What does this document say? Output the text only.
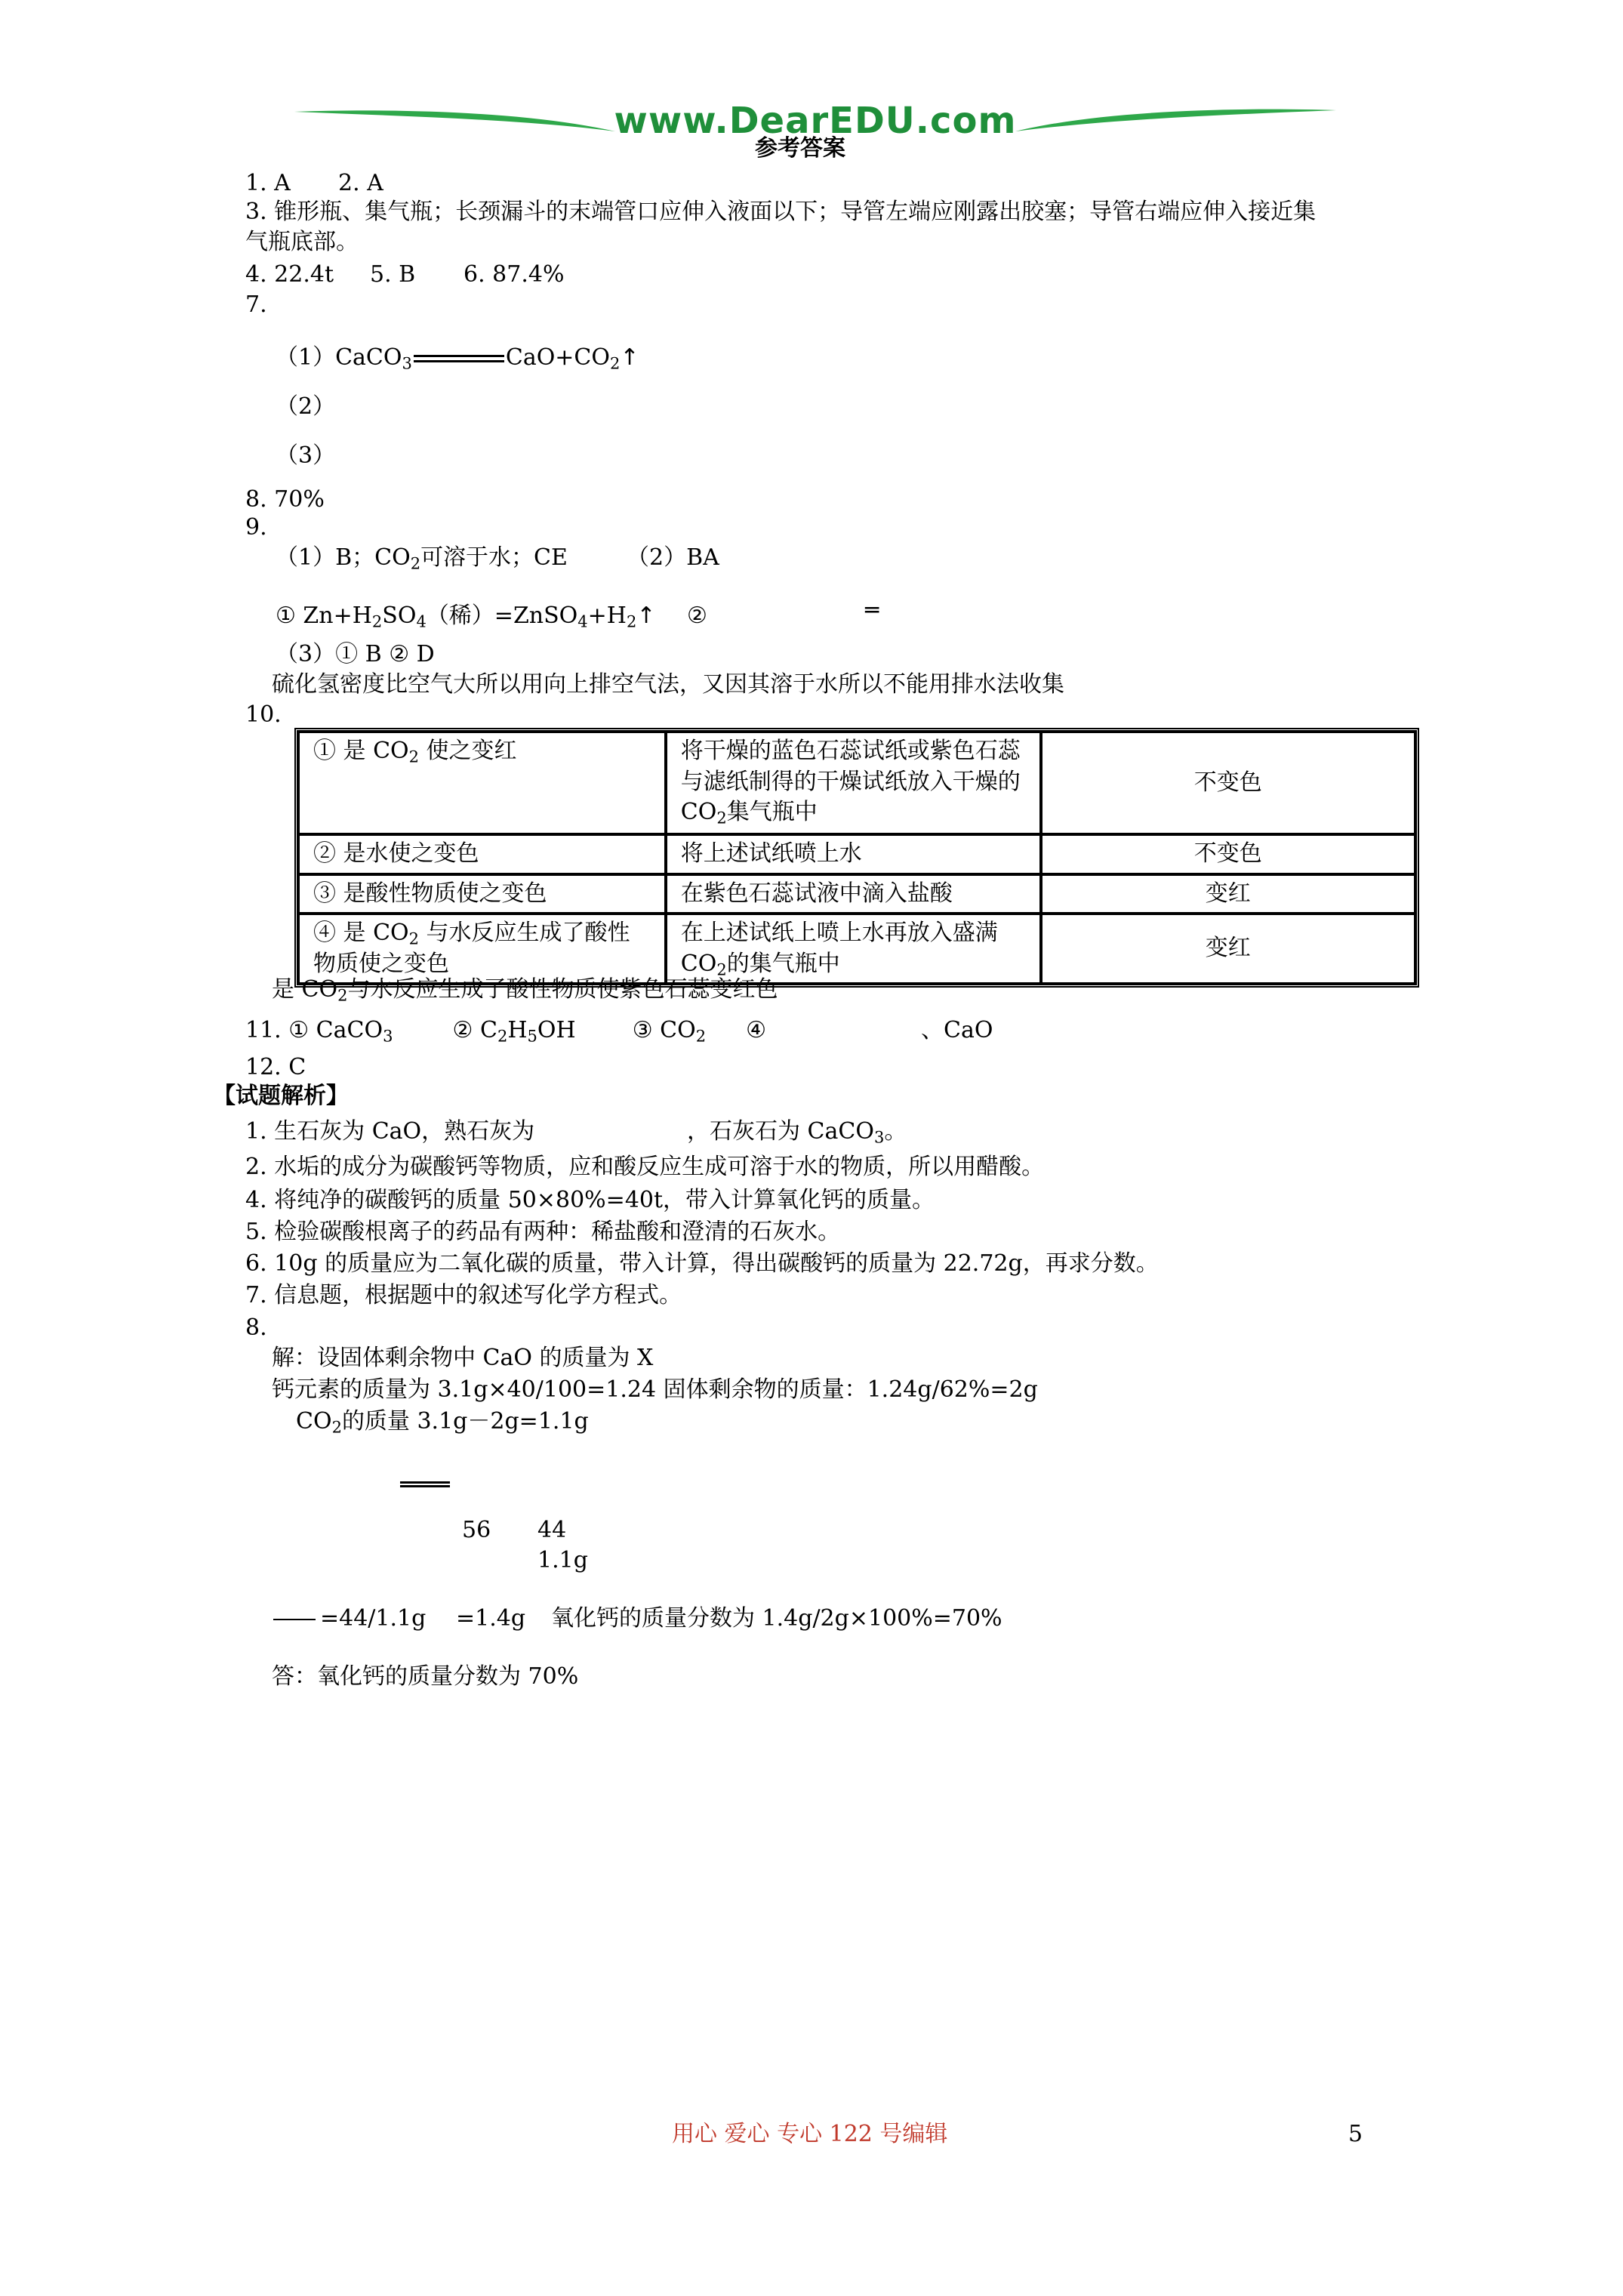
www.DearEDU.com
参考答案
1. A 2. A
3. 锥形瓶、集气瓶；长颈漏斗的末端管口应伸入液面以下；导管左端应刚露出胶塞；导管右端应伸入接近集
气瓶底部。
4. 22.4t 5. B 6. 87.4%
7.
（1）CaCO$_3$	$CaO+CO_2↑$
（2）
（3）
8. 70%
9.
（1）B；$CO_2$可溶于水；CE	（2）BA
① $Zn+H_2SO_4$（稀）$=ZnSO_4+H_2↑$ ②	═
（3）① B ② D
硫化氢密度比空气大所以用向上排空气法，又因其溶于水所以不能用排水法收集
10.
① 是 $CO_2$ 使之变红	将干燥的蓝色石蕊试纸或紫色石蕊与滤纸制得的干燥试纸放入干燥的 $CO_2$集气瓶中	不变色
② 是水使之变色	将上述试纸喷上水	不变色
③ 是酸性物质使之变色	在紫色石蕊试液中滴入盐酸	变红
④ 是 $CO_2$ 与水反应生成了酸性物质使之变色	在上述试纸上喷上水再放入盛满 $CO_2$的集气瓶中	变红
是 $CO_2$与水反应生成了酸性物质使紫色石蕊变红色
11. ① CaCO$_3$	② $C_2H_5OH$	③ $CO_2$ ④	、CaO
12. C
【试题解析】
1. 生石灰为 CaO，熟石灰为	，石灰石为 CaCO$_3$。
2. 水垢的成分为碳酸钙等物质，应和酸反应生成可溶于水的物质，所以用醋酸。
4. 将纯净的碳酸钙的质量 50×80%=40t，带入计算氧化钙的质量。
5. 检验碳酸根离子的药品有两种：稀盐酸和澄清的石灰水。
6. 10g 的质量应为二氧化碳的质量，带入计算，得出碳酸钙的质量为 22.72g，再求分数。
7. 信息题，根据题中的叙述写化学方程式。
8.
解：设固体剩余物中 CaO 的质量为 X
钙元素的质量为 3.1g×40/100=1.24 固体剩余物的质量：1.24g/62%=2g
$CO_2$的质量 3.1g－2g=1.1g
56 44
1.1g
=44/1.1g =1.4g 氧化钙的质量分数为 1.4g/2g×100%=70%
答：氧化钙的质量分数为 70%
用心 爱心 专心 122 号编辑	5
